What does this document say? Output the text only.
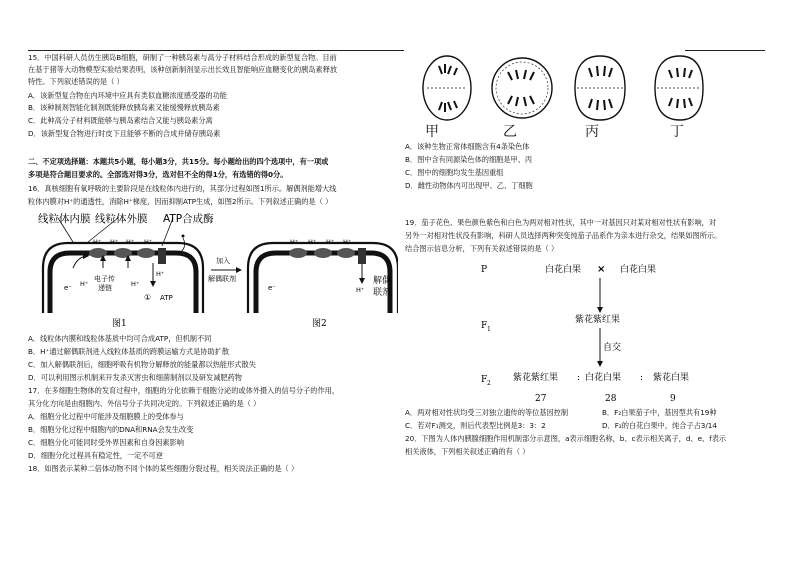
15．中国科研人员仿生胰岛B细胞，研制了一种胰岛素与高分子材料结合形成的新型复合物。目前
在基于猪等大动物模型实验结果表明，该种创新制剂显示出长效且智能响应血糖变化的胰岛素释放
特性。下列叙述错误的是（ ）
A．该新型复合物在内环境中应具有类似血糖浓度感受器的功能
B．该种制剂智能化制剂既能释放胰岛素又能缓慢释放胰岛素
C．此种高分子材料既能够与胰岛素结合又能与胰岛素分离
D．该新型复合物进行时皮下且能够不断的合成并储存胰岛素
二、不定项选择题：本题共5小题，每小题3分，共15分。每小题给出的四个选项中，有一项或
多项是符合题目要求的。全部选对得3分，选对但不全的得1分，有选错的得0分。
16．真核细胞有氧呼吸的主要阶段是在线粒体内进行的，其部分过程如图1所示。解偶剂能增大线
粒体内膜对H⁺的通透性，消除H⁺梯度，因而抑制ATP生成，如图2所示。下列叙述正确的是（ ）
线粒体内膜 线粒体外膜 ATP合成酶
H⁺ H⁺ H⁺ H⁺
H⁺	H⁺
H⁺
e⁻
电子传
递链
① ATP
图1
加入
解偶联剂
H⁺ H⁺ H⁺ H⁺
H⁺
e⁻
解偶
联剂
图2
A．线粒体内膜和线粒体基质中均可合成ATP，但机制不同
B．H⁺通过解偶联剂进入线粒体基质的跨膜运输方式是协助扩散
C．加入解偶联剂后，细胞呼吸有机物分解释放的能量都以热能形式散失
D．可以利用图示机制来开发杀灭害虫和细菌制剂以及研发减肥药物
17．在多细胞生物体的发育过程中，细胞的分化依赖于细胞分泌的或体外摄入的信号分子的作用，
其分化方向是由细胞内、外信号分子共同决定的。下列叙述正确的是（ ）
A．细胞分化过程中可能涉及细胞膜上的受体参与
B．细胞分化过程中细胞内的DNA和RNA会发生改变
C．细胞分化可能同时受外界因素和自身因素影响
D．细胞分化过程具有稳定性，一定不可逆
18．如图表示某种二倍体动物不同个体的某些细胞分裂过程，相关说法正确的是（ ）
甲	乙	丙	丁
A．该种生物正常体细胞含有4条染色体
B．图中含有同源染色体的细胞是甲、丙
C．图中的细胞均发生基因重组
D．雌性动物体内可出现甲、乙、丁细胞
19．茄子花色、果色颜色紫色和白色为两对相对性状，其中一对基因只对某对相对性状有影响，对
另外一对相对性状没有影响，科研人员选择两种突变纯茄子品系作为亲本进行杂交，结果如图所示。
结合图示信息分析，下列有关叙述错误的是（ ）
P	白花白果 × 白花白果
F 1
紫花紫红果
自交
F 2
紫花紫红果 : 白花白果 : 紫花白果
27	28	9
A．两对相对性状均受三对独立遗传的等位基因控制	B．F₂白果茄子中，基因型共有19种
C．若对F₁测交，则后代表型比例是3：3：2	D．F₂的白花白果中，纯合子占3/14
20．下图为人体内胰腺细胞作用机制部分示意图，a表示细胞名称，b、c表示相关离子，d、e、f表示
相关液体，下列相关叙述正确的有（ ）
